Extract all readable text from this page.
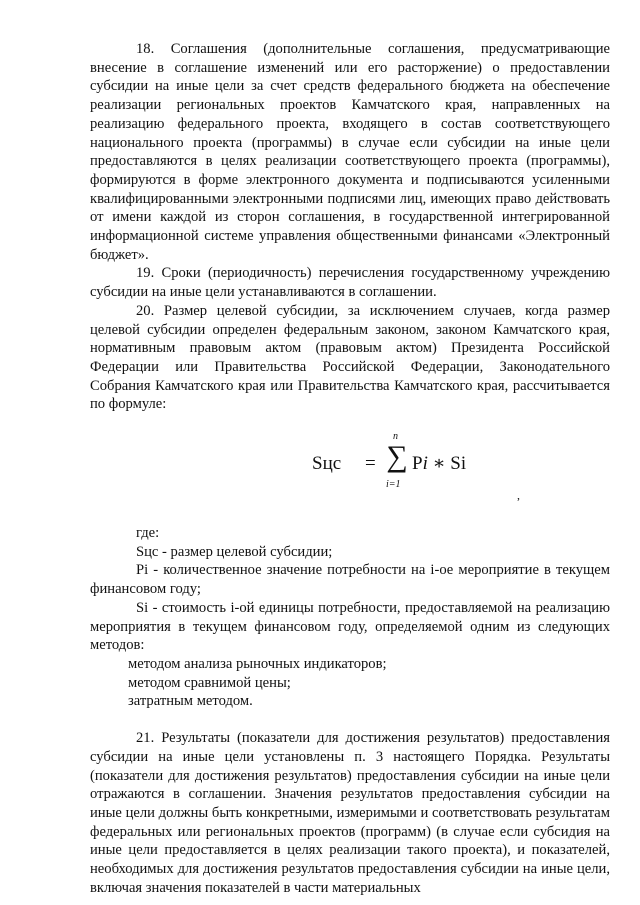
18. Соглашения (дополнительные соглашения, предусматривающие внесение в соглашение изменений или его расторжение) о предоставлении субсидии на иные цели за счет средств федерального бюджета на обеспечение реализации региональных проектов Камчатского края, направленных на реализацию федерального проекта, входящего в состав соответствующего национального проекта (программы) в случае если субсидии на иные цели предоставляются в целях реализации соответствующего проекта (программы), формируются в форме электронного документа и подписываются усиленными квалифицированными электронными подписями лиц, имеющих право действовать от имени каждой из сторон соглашения, в государственной интегрированной информационной системе управления общественными финансами «Электронный бюджет».

19. Сроки (периодичность) перечисления государственному учреждению субсидии на иные цели устанавливаются в соглашении.

20. Размер целевой субсидии, за исключением случаев, когда размер целевой субсидии определен федеральным законом, законом Камчатского края, нормативным правовым актом (правовым актом) Президента Российской Федерации или Правительства Российской Федерации, Законодательного Собрания Камчатского края или Правительства Камчатского края, рассчитывается по формуле:

Sцс =
n
∑
i=1
Pi ∗ Si
,

где:

Sцс - размер целевой субсидии;

Pi - количественное значение потребности на i-ое мероприятие в текущем финансовом году;

Si - стоимость i-ой единицы потребности, предоставляемой на реализацию мероприятия в текущем финансовом году, определяемой одним из следующих методов:

методом анализа рыночных индикаторов;

методом сравнимой цены;

затратным методом.

21. Результаты (показатели для достижения результатов) предоставления субсидии на иные цели установлены п. 3 настоящего Порядка. Результаты (показатели для достижения результатов) предоставления субсидии на иные цели отражаются в соглашении. Значения результатов предоставления субсидии на иные цели должны быть конкретными, измеримыми и соответствовать результатам федеральных или региональных проектов (программ) (в случае если субсидия на иные цели предоставляется в целях реализации такого проекта), и показателей, необходимых для достижения результатов предоставления субсидии на иные цели, включая значения показателей в части материальных
